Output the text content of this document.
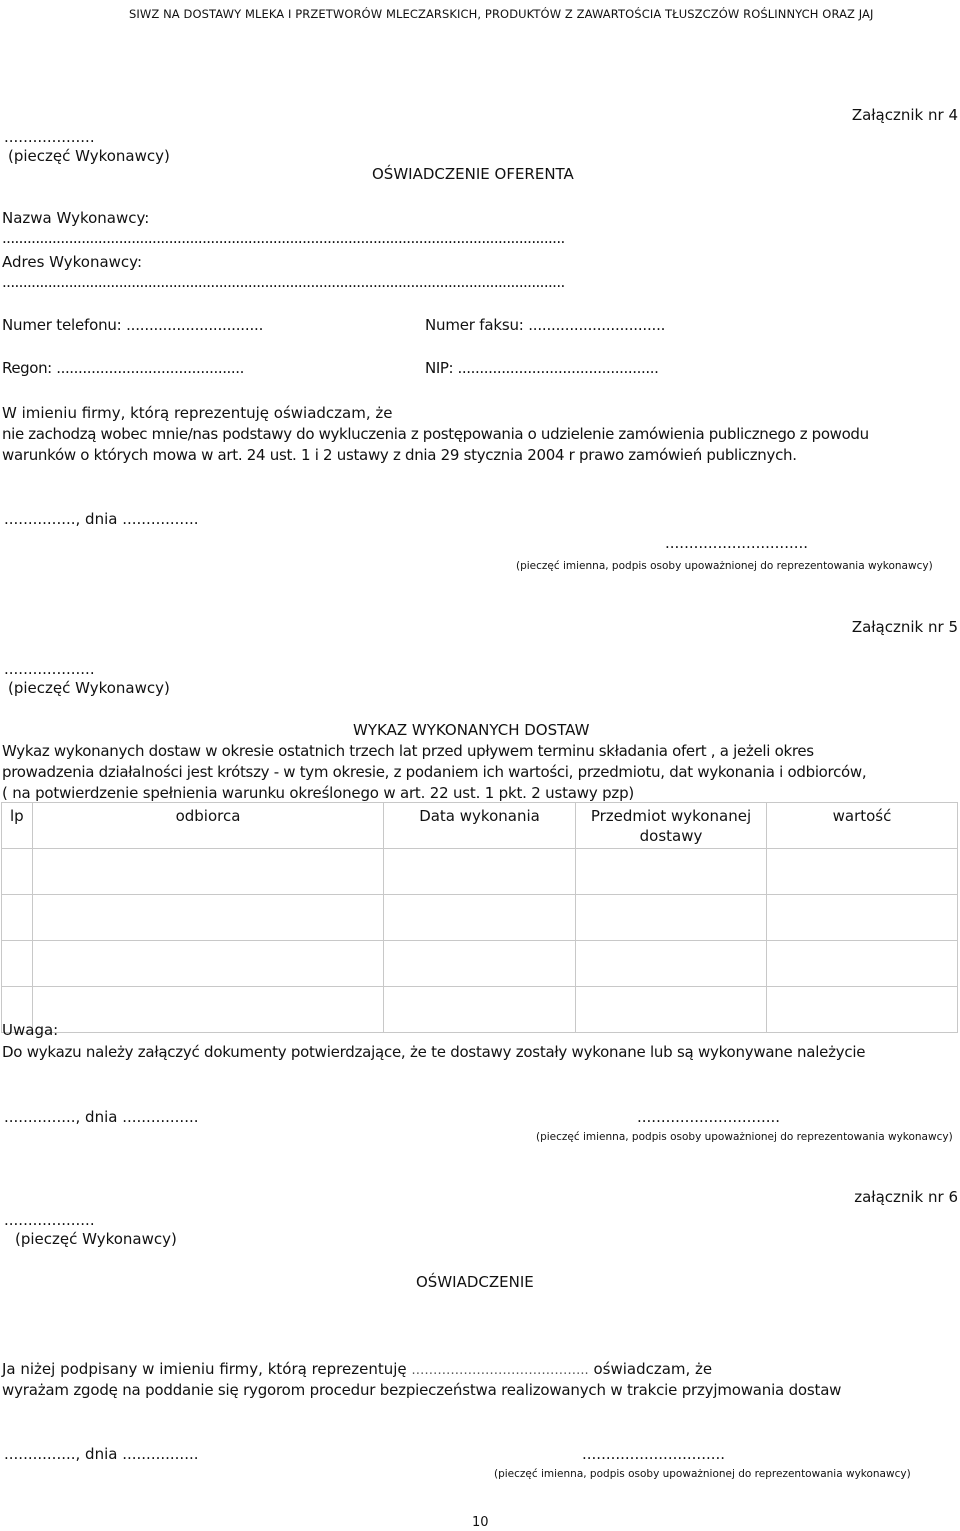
SIWZ NA DOSTAWY MLEKA I PRZETWORÓW MLECZARSKICH, PRODUKTÓW Z ZAWARTOŚCIA TŁUSZCZÓW ROŚLINNYCH ORAZ JAJ
Załącznik nr 4
...................
(pieczęć Wykonawcy)
OŚWIADCZENIE OFERENTA
Nazwa Wykonawcy:
.......................................................................................................................................
Adres Wykonawcy:
.......................................................................................................................................
Numer telefonu: ..............................	Numer faksu: ..............................
Regon: ...........................................	NIP: ..............................................
W imieniu firmy, którą reprezentuję oświadczam, że
nie zachodzą wobec mnie/nas podstawy do wykluczenia z postępowania o udzielenie zamówienia publicznego z powodu
warunków o których mowa w art. 24 ust. 1 i 2 ustawy z dnia 29 stycznia 2004 r prawo zamówień publicznych.
..............., dnia ................
..............................
(pieczęć imienna, podpis osoby upoważnionej do reprezentowania wykonawcy)
Załącznik nr 5
...................
(pieczęć Wykonawcy)
WYKAZ WYKONANYCH DOSTAW
Wykaz wykonanych dostaw w okresie ostatnich trzech lat przed upływem terminu składania ofert , a jeżeli okres
prowadzenia działalności jest krótszy - w tym okresie, z podaniem ich wartości, przedmiotu, dat wykonania i odbiorców,
( na potwierdzenie spełnienia warunku określonego w art. 22 ust. 1 pkt. 2 ustawy pzp)
lp	odbiorca	Data wykonania	Przedmiot wykonanej dostawy	wartość

Uwaga:
Do wykazu należy załączyć dokumenty potwierdzające, że te dostawy zostały wykonane lub są wykonywane należycie
..............., dnia ................	..............................
(pieczęć imienna, podpis osoby upoważnionej do reprezentowania wykonawcy)
załącznik nr 6
...................
(pieczęć Wykonawcy)
OŚWIADCZENIE
Ja niżej podpisany w imieniu firmy, którą reprezentuję ………………………………….. oświadczam, że
wyrażam zgodę na poddanie się rygorom procedur bezpieczeństwa realizowanych w trakcie przyjmowania dostaw
..............., dnia ................	..............................
(pieczęć imienna, podpis osoby upoważnionej do reprezentowania wykonawcy)
10
